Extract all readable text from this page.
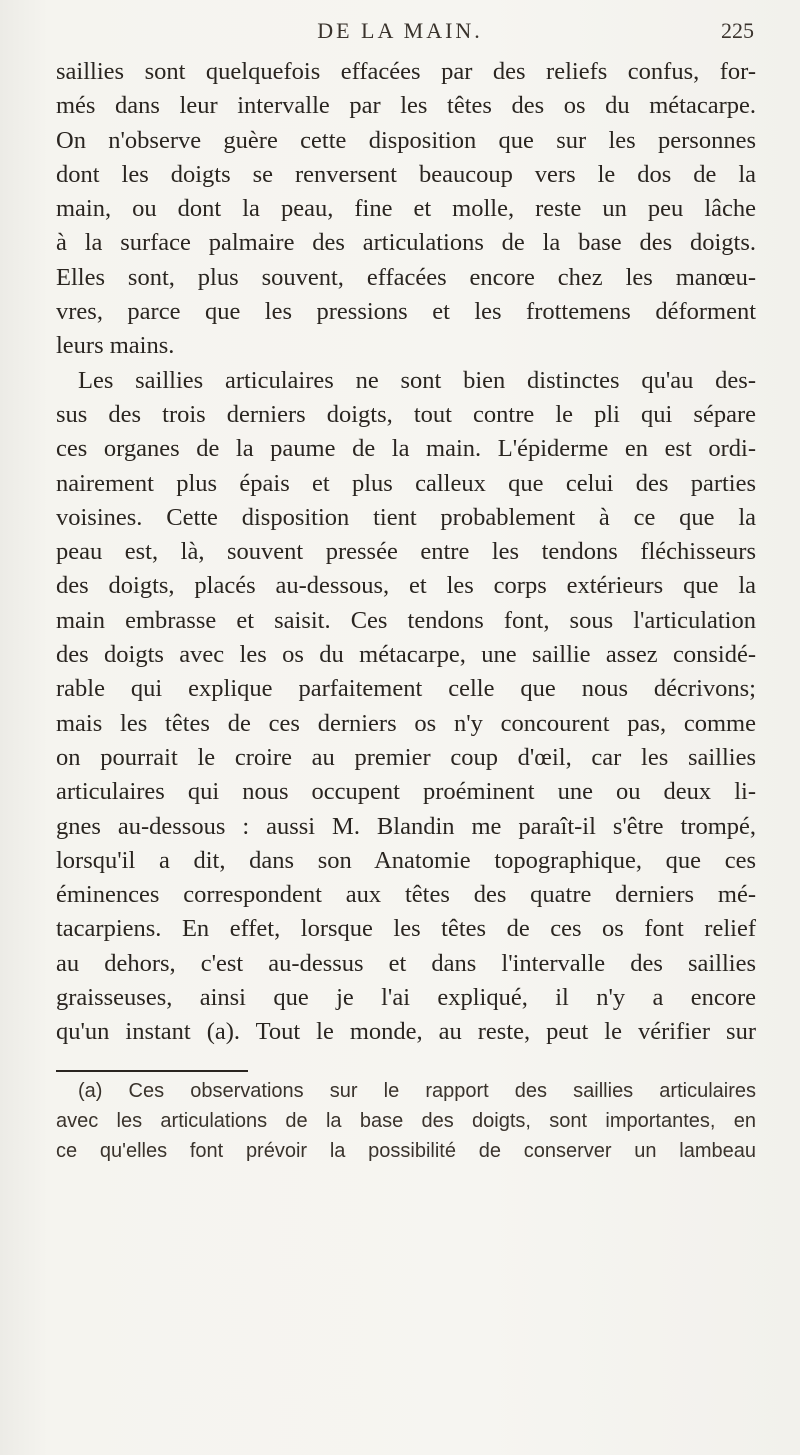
DE LA MAIN.	225
saillies sont quelquefois effacées par des reliefs confus, for-
més dans leur intervalle par les têtes des os du métacarpe.
On n'observe guère cette disposition que sur les personnes
dont les doigts se renversent beaucoup vers le dos de la
main, ou dont la peau, fine et molle, reste un peu lâche
à la surface palmaire des articulations de la base des doigts.
Elles sont, plus souvent, effacées encore chez les manœu-
vres, parce que les pressions et les frottemens déforment
leurs mains.
Les saillies articulaires ne sont bien distinctes qu'au des-
sus des trois derniers doigts, tout contre le pli qui sépare
ces organes de la paume de la main. L'épiderme en est ordi-
nairement plus épais et plus calleux que celui des parties
voisines. Cette disposition tient probablement à ce que la
peau est, là, souvent pressée entre les tendons fléchisseurs
des doigts, placés au-dessous, et les corps extérieurs que la
main embrasse et saisit. Ces tendons font, sous l'articulation
des doigts avec les os du métacarpe, une saillie assez considé-
rable qui explique parfaitement celle que nous décrivons;
mais les têtes de ces derniers os n'y concourent pas, comme
on pourrait le croire au premier coup d'œil, car les saillies
articulaires qui nous occupent proéminent une ou deux li-
gnes au-dessous : aussi M. Blandin me paraît-il s'être trompé,
lorsqu'il a dit, dans son Anatomie topographique, que ces
éminences correspondent aux têtes des quatre derniers mé-
tacarpiens. En effet, lorsque les têtes de ces os font relief
au dehors, c'est au-dessus et dans l'intervalle des saillies
graisseuses, ainsi que je l'ai expliqué, il n'y a encore
qu'un instant (a). Tout le monde, au reste, peut le vérifier sur
(a) Ces observations sur le rapport des saillies articulaires
avec les articulations de la base des doigts, sont importantes, en
ce qu'elles font prévoir la possibilité de conserver un lambeau
